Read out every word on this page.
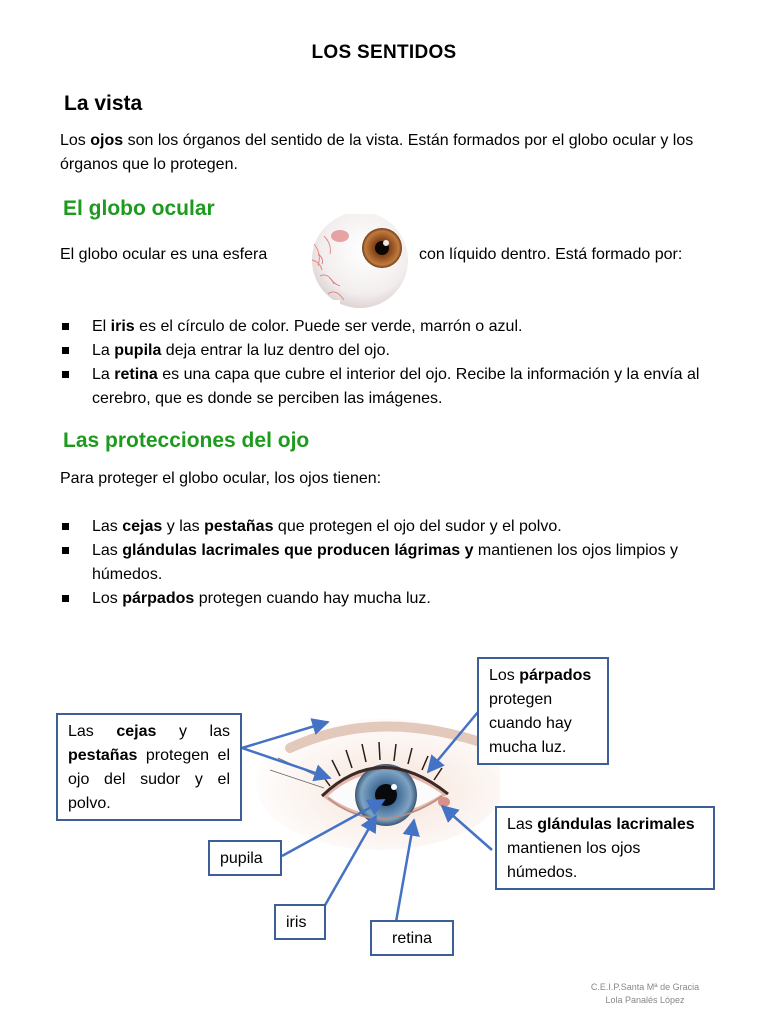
LOS SENTIDOS
La vista
Los ojos son los órganos del sentido de la vista. Están formados por el globo ocular y los órganos que lo protegen.
El globo ocular
El globo ocular es una esfera	con líquido dentro. Está formado por:
El iris es el círculo de color. Puede ser verde, marrón o azul.
La pupila deja entrar la luz dentro del ojo.
La retina es una capa que cubre el interior del ojo. Recibe la información y la envía al cerebro, que es donde se perciben las imágenes.
Las protecciones del ojo
Para proteger el globo ocular, los ojos tienen:
Las cejas y las pestañas que protegen el ojo del sudor y el polvo.
Las glándulas lacrimales que producen lágrimas y mantienen los ojos limpios y húmedos.
Los párpados protegen cuando hay mucha luz.
Las cejas y las pestañas protegen el ojo del sudor y el polvo.
Los párpados protegen cuando hay mucha luz.
Las glándulas lacrimales mantienen los ojos húmedos.
pupila
iris
retina
C.E.I.P.Santa Mª de Gracia
Lola Panalés López
